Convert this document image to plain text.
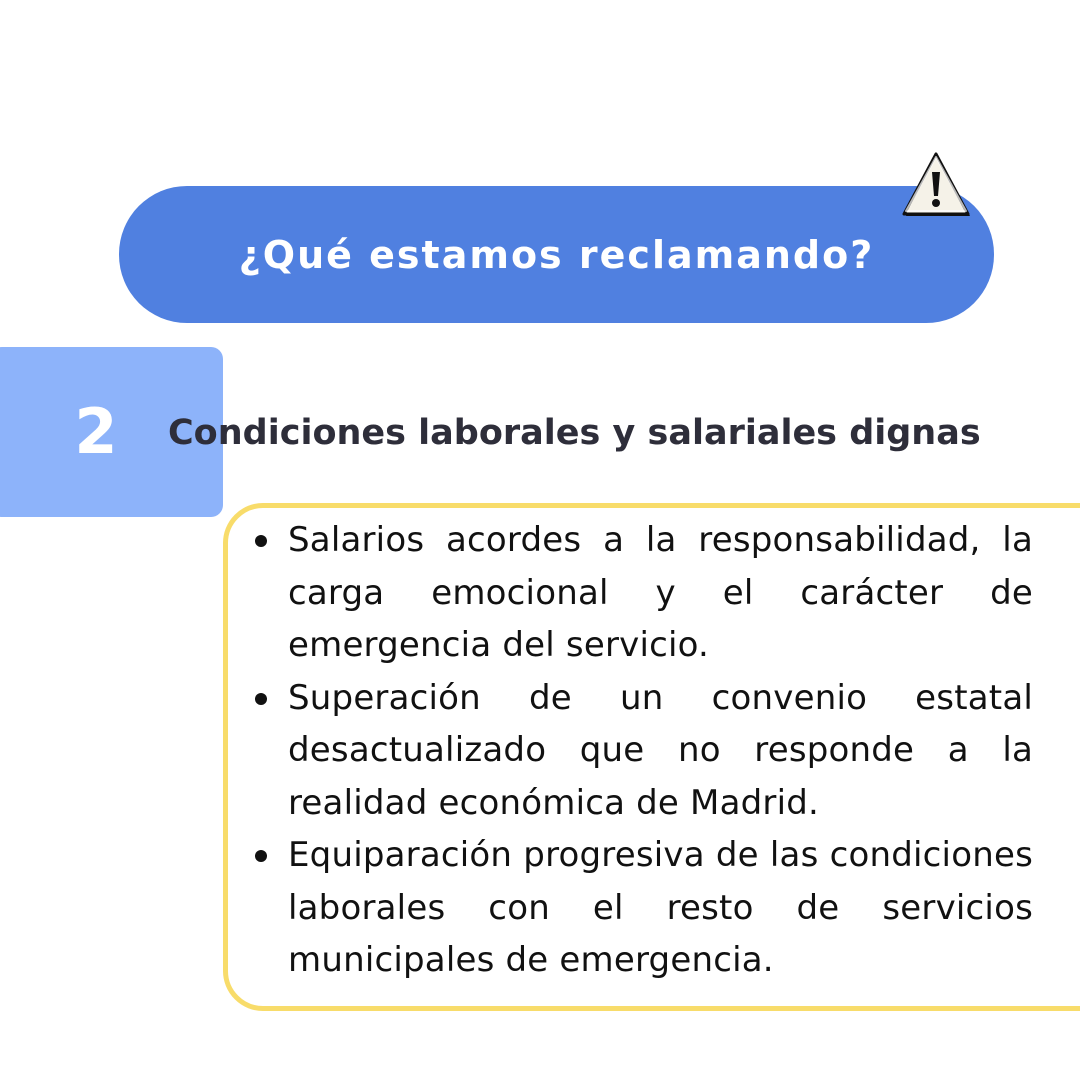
¿Qué estamos reclamando?
2	Condiciones laborales y salariales dignas
Salarios acordes a la responsabilidad, la carga emocional y el carácter de emergencia del servicio.
Superación de un convenio estatal desactualizado que no responde a la realidad económica de Madrid.
Equiparación progresiva de las condiciones laborales con el resto de servicios municipales de emergencia.
